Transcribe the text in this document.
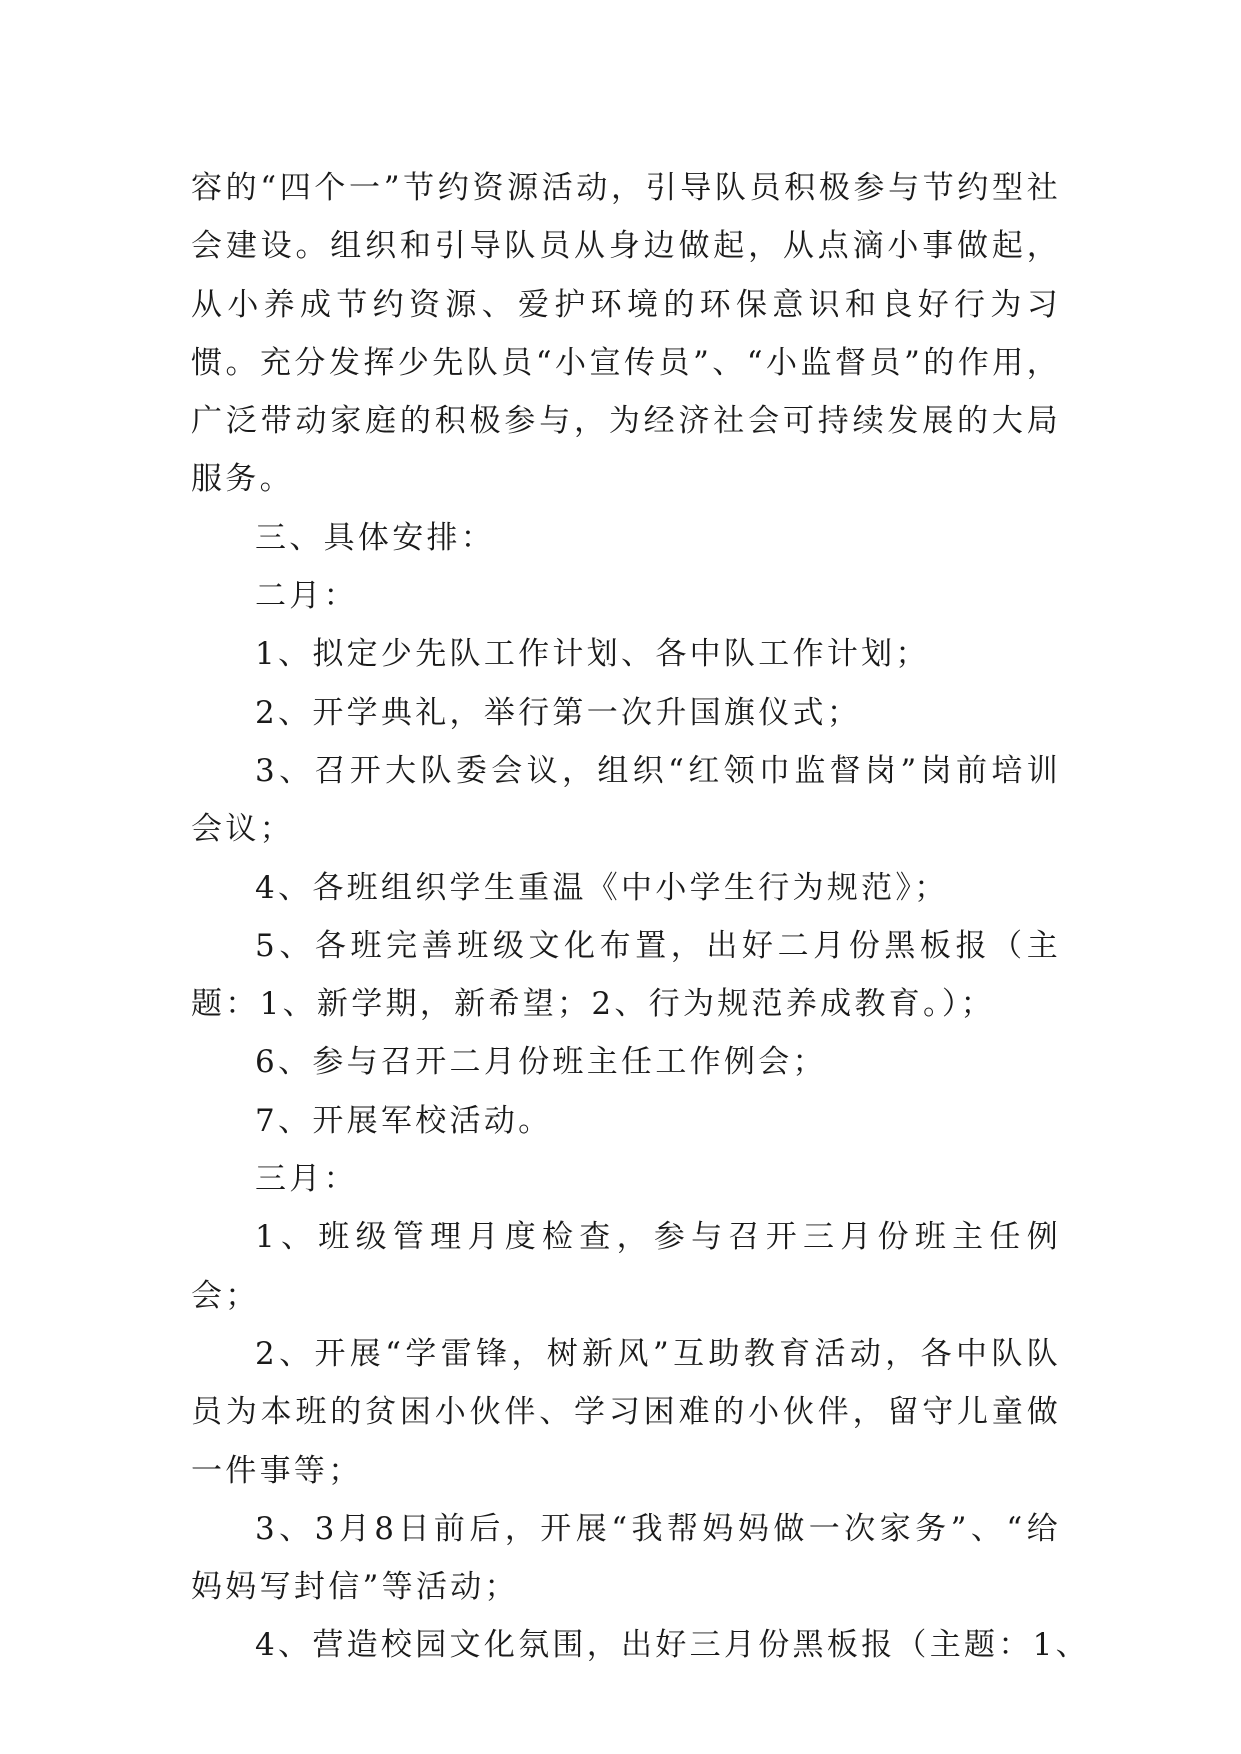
容的“四个一”节约资源活动，引导队员积极参与节约型社会建设。组织和引导队员从身边做起，从点滴小事做起，从小养成节约资源、爱护环境的环保意识和良好行为习惯。充分发挥少先队员“小宣传员”、“小监督员”的作用，广泛带动家庭的积极参与，为经济社会可持续发展的大局服务。

三、具体安排：

二月：

1、拟定少先队工作计划、各中队工作计划；

2、开学典礼，举行第一次升国旗仪式；

3、召开大队委会议，组织“红领巾监督岗”岗前培训会议；

4、各班组织学生重温《中小学生行为规范》；

5、各班完善班级文化布置，出好二月份黑板报（主题：1、新学期，新希望；2、行为规范养成教育。）；

6、参与召开二月份班主任工作例会；

7、开展军校活动。

三月：

1、班级管理月度检查，参与召开三月份班主任例会；

2、开展“学雷锋，树新风”互助教育活动，各中队队员为本班的贫困小伙伴、学习困难的小伙伴，留守儿童做一件事等；

3、3月8日前后，开展“我帮妈妈做一次家务”、“给妈妈写封信”等活动；

4、营造校园文化氛围，出好三月份黑板报（主题：1、
